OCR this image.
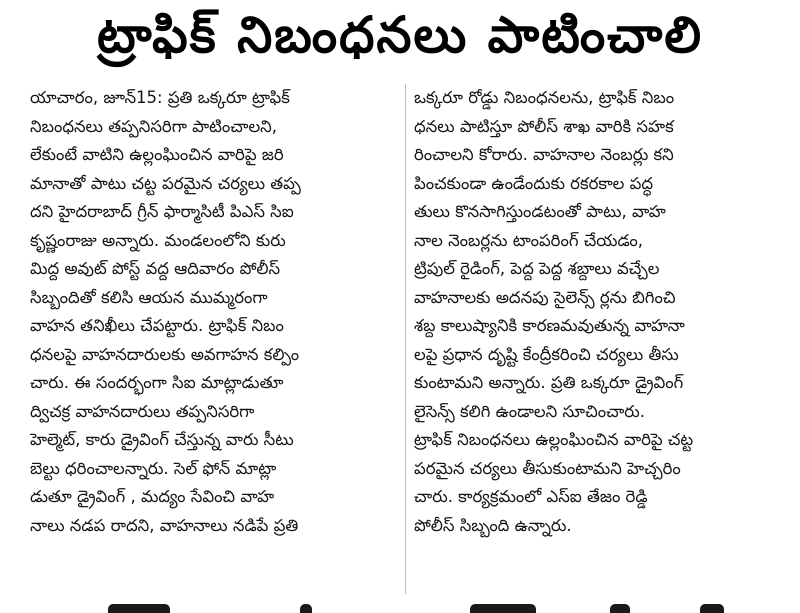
ట్రాఫిక్ నిబంధనలు పాటించాలి
యాచారం, జూన్15: ప్రతి ఒక్కరూ ట్రాఫిక్
నిబంధనలు తప్పనిసరిగా పాటించాలని,
లేకుంటే వాటిని ఉల్లంఘించిన వారిపై జరి
మానాతో పాటు చట్ట పరమైన చర్యలు తప్ప
దని హైదరాబాద్ గ్రీన్ ఫార్మాసిటీ పిఎస్ సిఐ
కృష్ణంరాజు అన్నారు. మండలంలోని కురు
మిద్ద అవుట్ పోస్ట్ వద్ద ఆదివారం పోలీస్
సిబ్బందితో కలిసి ఆయన ముమ్మరంగా
వాహన తనిఖీలు చేపట్టారు. ట్రాఫిక్ నిబం
ధనలపై వాహనదారులకు అవగాహన కల్పిం
చారు. ఈ సందర్భంగా సిఐ మాట్లాడుతూ
ద్విచక్ర వాహనదారులు తప్పనిసరిగా
హెల్మెట్, కారు డ్రైవింగ్ చేస్తున్న వారు సీటు
బెల్టు ధరించాలన్నారు. సెల్ ఫోన్ మాట్లా
డుతూ డ్రైవింగ్ , మద్యం సేవించి వాహ
నాలు నడప రాదని, వాహనాలు నడిపే ప్రతి
ఒక్కరూ రోడ్డు నిబంధనలను, ట్రాఫిక్ నిబం
ధనలు పాటిస్తూ పోలీస్ శాఖ వారికి సహక
రించాలని కోరారు. వాహనాల నెంబర్లు కని
పించకుండా ఉండేందుకు రకరకాల పద్ధ
తులు కొనసాగిస్తుండటంతో పాటు, వాహ
నాల నెంబర్లను టాంపరింగ్ చేయడం,
ట్రిపుల్ రైడింగ్, పెద్ద పెద్ద శబ్దాలు వచ్చేల
వాహనాలకు అదనపు సైలెన్స్ ర్లను బిగించి
శబ్ద కాలుష్యానికి కారణమవుతున్న వాహనా
లపై ప్రధాన దృష్టి కేంద్రీకరించి చర్యలు తీసు
కుంటామని అన్నారు. ప్రతి ఒక్కరూ డ్రైవింగ్
లైసెన్స్ కలిగి ఉండాలని సూచించారు.
ట్రాఫిక్ నిబంధనలు ఉల్లంఘించిన వారిపై చట్ట
పరమైన చర్యలు తీసుకుంటామని హెచ్చరిం
చారు. కార్యక్రమంలో ఎస్ఐ తేజం రెడ్డి
పోలీస్ సిబ్బంది ఉన్నారు.
